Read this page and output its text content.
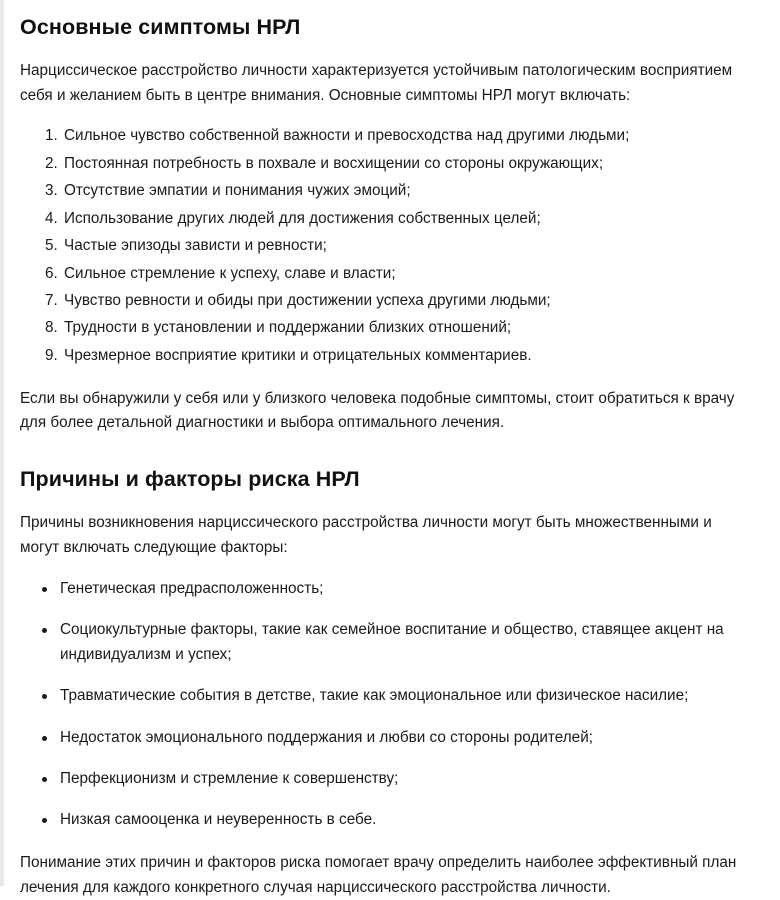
Основные симптомы НРЛ

Нарциссическое расстройство личности характеризуется устойчивым патологическим восприятием себя и желанием быть в центре внимания. Основные симптомы НРЛ могут включать:

1. Сильное чувство собственной важности и превосходства над другими людьми;
2. Постоянная потребность в похвале и восхищении со стороны окружающих;
3. Отсутствие эмпатии и понимания чужих эмоций;
4. Использование других людей для достижения собственных целей;
5. Частые эпизоды зависти и ревности;
6. Сильное стремление к успеху, славе и власти;
7. Чувство ревности и обиды при достижении успеха другими людьми;
8. Трудности в установлении и поддержании близких отношений;
9. Чрезмерное восприятие критики и отрицательных комментариев.

Если вы обнаружили у себя или у близкого человека подобные симптомы, стоит обратиться к врачу для более детальной диагностики и выбора оптимального лечения.

Причины и факторы риска НРЛ

Причины возникновения нарциссического расстройства личности могут быть множественными и могут включать следующие факторы:

Генетическая предрасположенность;
Социокультурные факторы, такие как семейное воспитание и общество, ставящее акцент на индивидуализм и успех;
Травматические события в детстве, такие как эмоциональное или физическое насилие;
Недостаток эмоционального поддержания и любви со стороны родителей;
Перфекционизм и стремление к совершенству;
Низкая самооценка и неуверенность в себе.

Понимание этих причин и факторов риска помогает врачу определить наиболее эффективный план лечения для каждого конкретного случая нарциссического расстройства личности.
